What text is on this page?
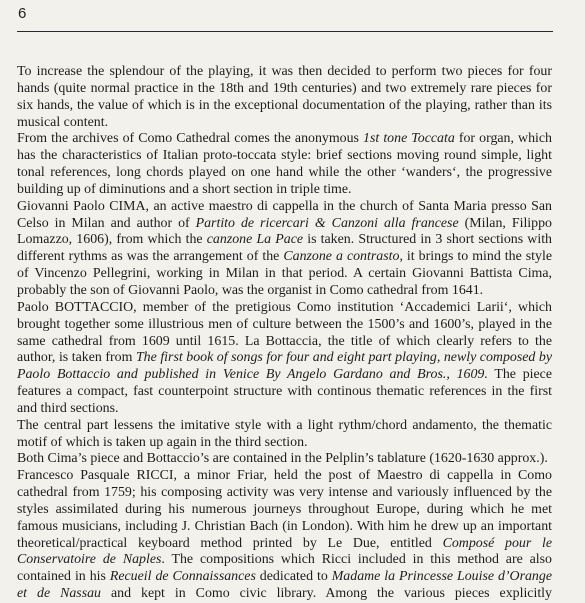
6

To increase the splendour of the playing, it was then decided to perform two pieces for four hands (quite normal practice in the 18th and 19th centuries) and two extremely rare pieces for six hands, the value of which is in the exceptional documentation of the playing, rather than its musical content.

From the archives of Como Cathedral comes the anonymous 1st tone Toccata for organ, which has the characteristics of Italian proto-toccata style: brief sections moving round simple, light tonal references, long chords played on one hand while the other ‘wanders‘, the progressive building up of diminutions and a short section in triple time.

Giovanni Paolo CIMA, an active maestro di cappella in the church of Santa Maria presso San Celso in Milan and author of Partito de ricercari & Canzoni alla francese (Milan, Filippo Lomazzo, 1606), from which the canzone La Pace is taken. Structured in 3 short sections with different rythms as was the arrangement of the Canzone a contrasto, it brings to mind the style of Vincenzo Pellegrini, working in Milan in that period. A certain Giovanni Battista Cima, probably the son of Giovanni Paolo, was the organist in Como cathedral from 1641.

Paolo BOTTACCIO, member of the pretigious Como institution ‘Accademici Larii‘, which brought together some illustrious men of culture between the 1500’s and 1600’s, played in the same cathedral from 1609 until 1615. La Bottaccia, the title of which clearly refers to the author, is taken from The first book of songs for four and eight part playing, newly composed by Paolo Bottaccio and published in Venice By Angelo Gardano and Bros., 1609. The piece features a compact, fast counterpoint structure with continous thematic references in the first and third sections.

The central part lessens the imitative style with a light rythm/chord andamento, the thematic motif of which is taken up again in the third section.

Both Cima’s piece and Bottaccio’s are contained in the Pelplin’s tablature (1620-1630 approx.).

Francesco Pasquale RICCI, a minor Friar, held the post of Maestro di cappella in Como cathedral from 1759; his composing activity was very intense and variously influenced by the styles assimilated during his numerous journeys throughout Europe, during which he met famous musicians, including J. Christian Bach (in London). With him he drew up an important theoretical/practical keyboard method printed by Le Due, entitled Composé pour le Conservatoire de Naples. The compositions which Ricci included in this method are also contained in his Recueil de Connaissances dedicated to Madame la Princesse Louise d’Orange et de Nassau and kept in Como civic library. Among the various pieces explicitly
